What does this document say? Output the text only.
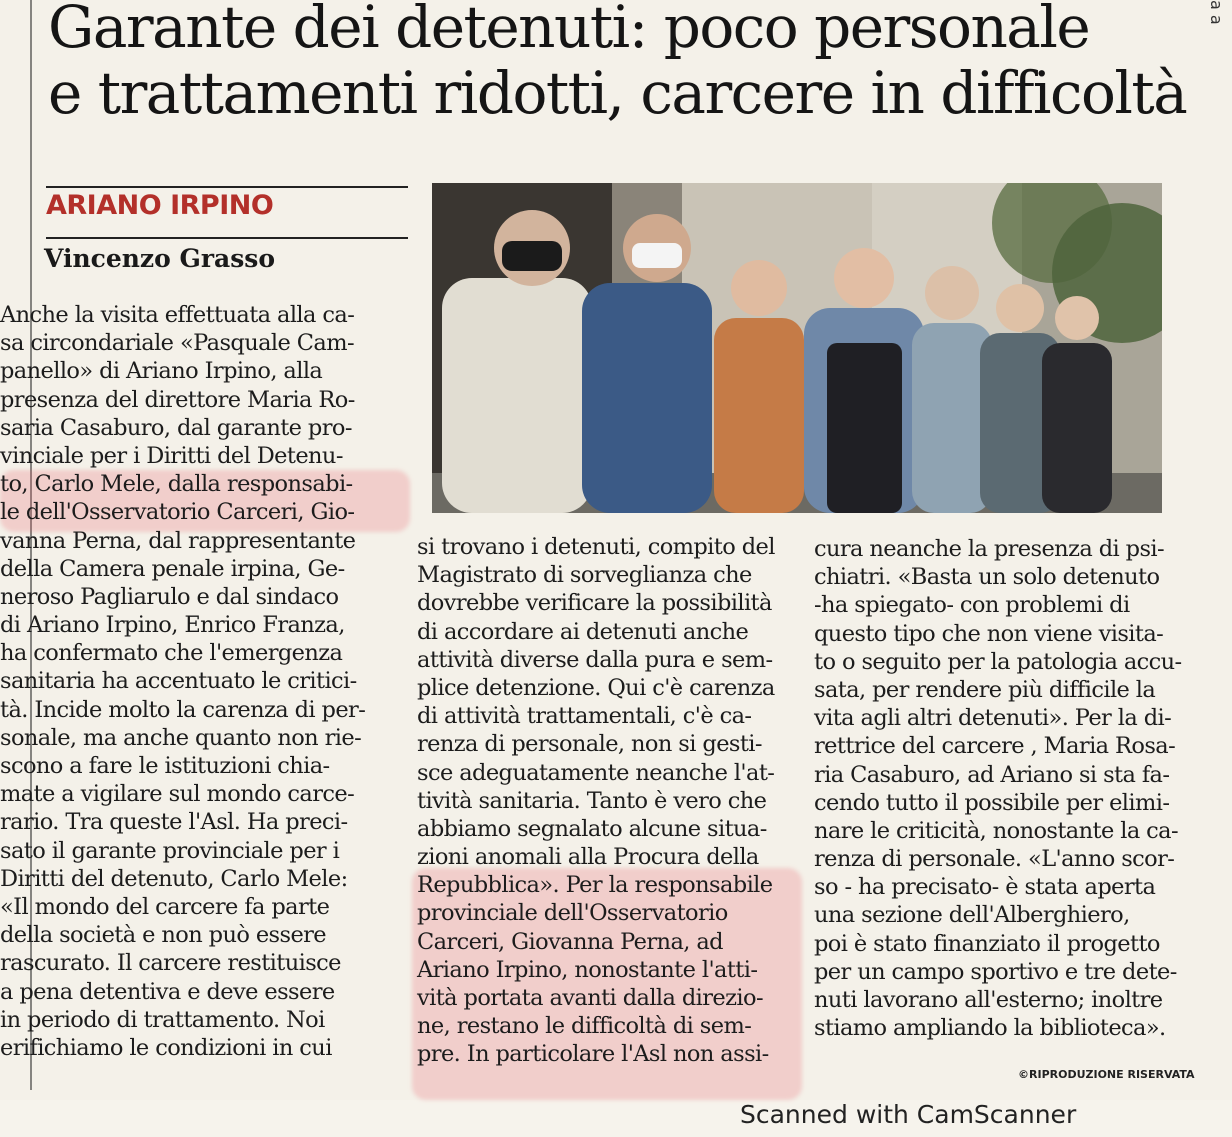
Garante dei detenuti: poco personale
e trattamenti ridotti, carcere in difficoltà
a a
ARIANO IRPINO
Vincenzo Grasso
Anche la visita effettuata alla ca-
sa circondariale «Pasquale Cam-
panello» di Ariano Irpino, alla
presenza del direttore Maria Ro-
saria Casaburo, dal garante pro-
vinciale per i Diritti del Detenu-
to, Carlo Mele, dalla responsabi-
le dell'Osservatorio Carceri, Gio-
vanna Perna, dal rappresentante
della Camera penale irpina, Ge-
neroso Pagliarulo e dal sindaco
di Ariano Irpino, Enrico Franza,
ha confermato che l'emergenza
sanitaria ha accentuato le critici-
tà. Incide molto la carenza di per-
sonale, ma anche quanto non rie-
scono a fare le istituzioni chia-
mate a vigilare sul mondo carce-
rario. Tra queste l'Asl. Ha preci-
sato il garante provinciale per i
Diritti del detenuto, Carlo Mele:
«Il mondo del carcere fa parte
della società e non può essere
rascurato. Il carcere restituisce
a pena detentiva e deve essere
in periodo di trattamento. Noi
erifichiamo le condizioni in cui
si trovano i detenuti, compito del
Magistrato di sorveglianza che
dovrebbe verificare la possibilità
di accordare ai detenuti anche
attività diverse dalla pura e sem-
plice detenzione. Qui c'è carenza
di attività trattamentali, c'è ca-
renza di personale, non si gesti-
sce adeguatamente neanche l'at-
tività sanitaria. Tanto è vero che
abbiamo segnalato alcune situa-
zioni anomali alla Procura della
Repubblica». Per la responsabile
provinciale dell'Osservatorio
Carceri, Giovanna Perna, ad
Ariano Irpino, nonostante l'atti-
vità portata avanti dalla direzio-
ne, restano le difficoltà di sem-
pre. In particolare l'Asl non assi-
cura neanche la presenza di psi-
chiatri. «Basta un solo detenuto
-ha spiegato- con problemi di
questo tipo che non viene visita-
to o seguito per la patologia accu-
sata, per rendere più difficile la
vita agli altri detenuti». Per la di-
rettrice del carcere , Maria Rosa-
ria Casaburo, ad Ariano si sta fa-
cendo tutto il possibile per elimi-
nare le criticità, nonostante la ca-
renza di personale. «L'anno scor-
so - ha precisato- è stata aperta
una sezione dell'Alberghiero,
poi è stato finanziato il progetto
per un campo sportivo e tre dete-
nuti lavorano all'esterno; inoltre
stiamo ampliando la biblioteca».
©RIPRODUZIONE RISERVATA
Scanned with CamScanner
